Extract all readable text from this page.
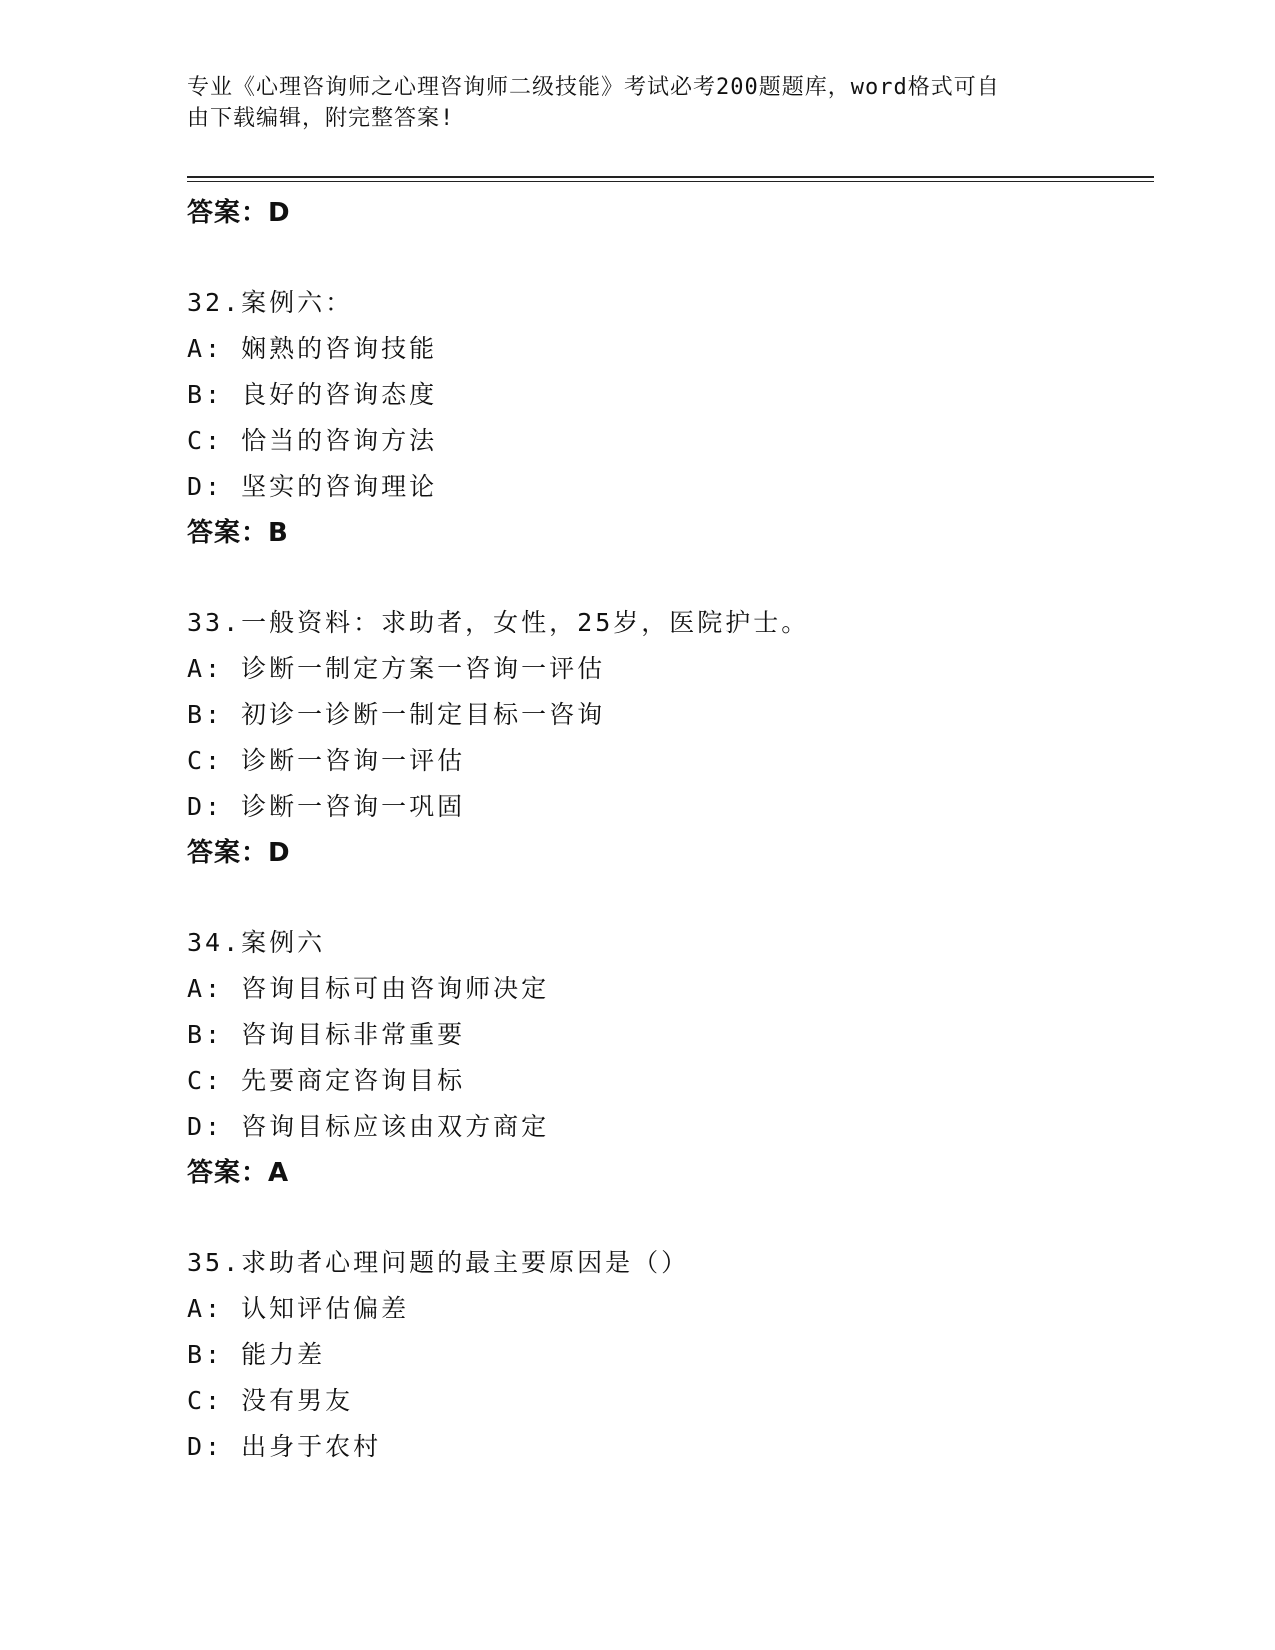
专业《心理咨询师之心理咨询师二级技能》考试必考200题题库，word格式可自
由下载编辑，附完整答案!
答案：D
32.案例六：
A: 娴熟的咨询技能
B: 良好的咨询态度
C: 恰当的咨询方法
D: 坚实的咨询理论
答案：B
33.一般资料：求助者，女性，25岁，医院护士。
A: 诊断一制定方案一咨询一评估
B: 初诊一诊断一制定目标一咨询
C: 诊断一咨询一评估
D: 诊断一咨询一巩固
答案：D
34.案例六
A: 咨询目标可由咨询师决定
B: 咨询目标非常重要
C: 先要商定咨询目标
D: 咨询目标应该由双方商定
答案：A
35.求助者心理问题的最主要原因是（）
A: 认知评估偏差
B: 能力差
C: 没有男友
D: 出身于农村
